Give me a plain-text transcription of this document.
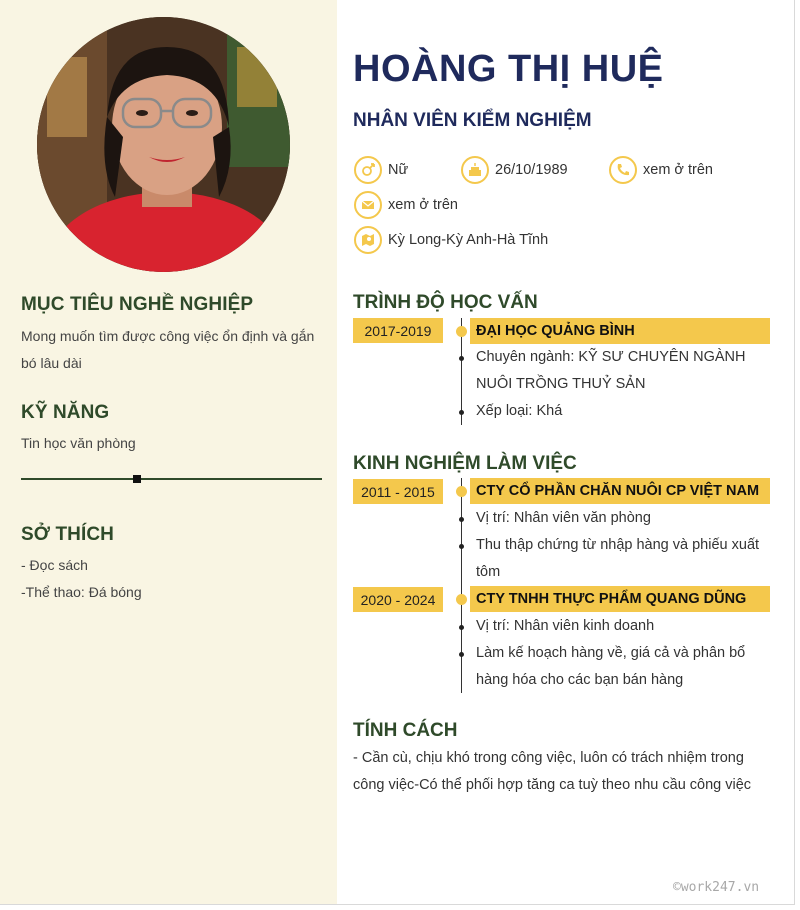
MỤC TIÊU NGHỀ NGHIỆP
Mong muốn tìm được công việc ổn định và gắn
bó lâu dài
KỸ NĂNG
Tin học văn phòng
SỞ THÍCH
- Đọc sách
-Thể thao: Đá bóng
HOÀNG THỊ HUỆ
NHÂN VIÊN KIỂM NGHIỆM
Nữ	26/10/1989	xem ở trên
xem ở trên
Kỳ Long-Kỳ Anh-Hà Tĩnh
TRÌNH ĐỘ HỌC VẤN
2017-2019	ĐẠI HỌC QUẢNG BÌNH
Chuyên ngành: KỸ SƯ CHUYÊN NGÀNH
NUÔI TRỒNG THUỶ SẢN
Xếp loại: Khá
KINH NGHIỆM LÀM VIỆC
2011 - 2015	CTY CỔ PHẦN CHĂN NUÔI CP VIỆT NAM
Vị trí: Nhân viên văn phòng
Thu thập chứng từ nhập hàng và phiếu xuất
tôm
2020 - 2024	CTY TNHH THỰC PHẨM QUANG DŨNG
Vị trí: Nhân viên kinh doanh
Làm kế hoạch hàng về, giá cả và phân bổ
hàng hóa cho các bạn bán hàng
TÍNH CÁCH
- Cần cù, chịu khó trong công việc, luôn có trách nhiệm trong
công việc-Có thể phối hợp tăng ca tuỳ theo nhu cầu công việc
©work247.vn
